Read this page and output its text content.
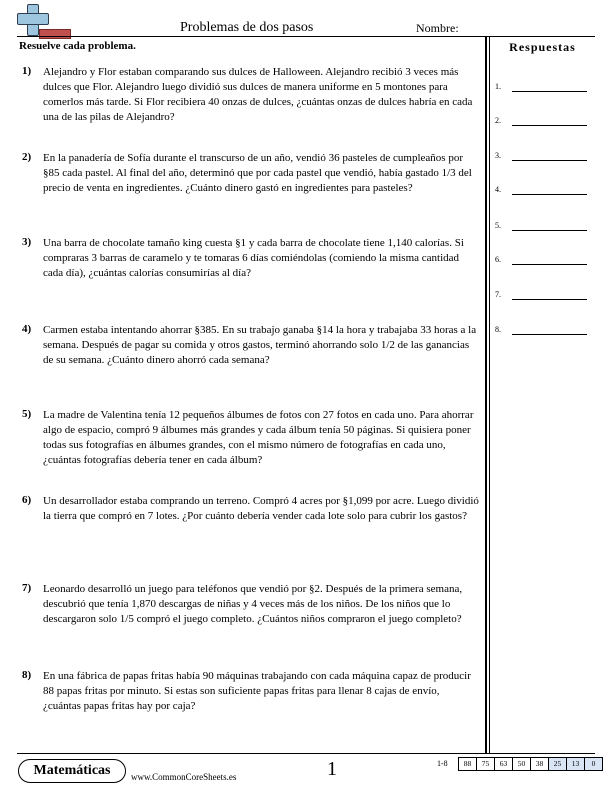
Problemas de dos pasos	Nombre:
Resuelve cada problema.
1) Alejandro y Flor estaban comparando sus dulces de Halloween. Alejandro recibió 3 veces más dulces que Flor. Alejandro luego dividió sus dulces de manera uniforme en 5 montones para comerlos más tarde. Si Flor recibiera 40 onzas de dulces, ¿cuántas onzas de dulces habría en cada una de las pilas de Alejandro?
2) En la panadería de Sofía durante el transcurso de un año, vendió 36 pasteles de cumpleaños por §85 cada pastel. Al final del año, determinó que por cada pastel que vendió, había gastado 1/3 del precio de venta en ingredientes. ¿Cuánto dinero gastó en ingredientes para pasteles?
3) Una barra de chocolate tamaño king cuesta §1 y cada barra de chocolate tiene 1,140 calorías. Si compraras 3 barras de caramelo y te tomaras 6 días comiéndolas (comiendo la misma cantidad cada día), ¿cuántas calorías consumirías al día?
4) Carmen estaba intentando ahorrar §385. En su trabajo ganaba §14 la hora y trabajaba 33 horas a la semana. Después de pagar su comida y otros gastos, terminó ahorrando solo 1/2 de las ganancias de su semana. ¿Cuánto dinero ahorró cada semana?
5) La madre de Valentina tenía 12 pequeños álbumes de fotos con 27 fotos en cada uno. Para ahorrar algo de espacio, compró 9 álbumes más grandes y cada álbum tenía 50 páginas. Si quisiera poner todas sus fotografías en álbumes grandes, con el mismo número de fotografías en cada uno, ¿cuántas fotografías debería tener en cada álbum?
6) Un desarrollador estaba comprando un terreno. Compró 4 acres por §1,099 por acre. Luego dividió la tierra que compró en 7 lotes. ¿Por cuánto debería vender cada lote solo para cubrir los gastos?
7) Leonardo desarrolló un juego para teléfonos que vendió por §2. Después de la primera semana, descubrió que tenía 1,870 descargas de niñas y 4 veces más de los niños. De los niños que lo descargaron solo 1/5 compró el juego completo. ¿Cuántos niños compraron el juego completo?
8) En una fábrica de papas fritas había 90 máquinas trabajando con cada máquina capaz de producir 88 papas fritas por minuto. Si estas son suficiente papas fritas para llenar 8 cajas de envío, ¿cuántas papas fritas hay por caja?
Respuestas
1.
2.
3.
4.
5.
6.
7.
8.
Matemáticas	www.CommonCoreSheets.es	1	1-8	88	75	63	50	38	25	13	0
